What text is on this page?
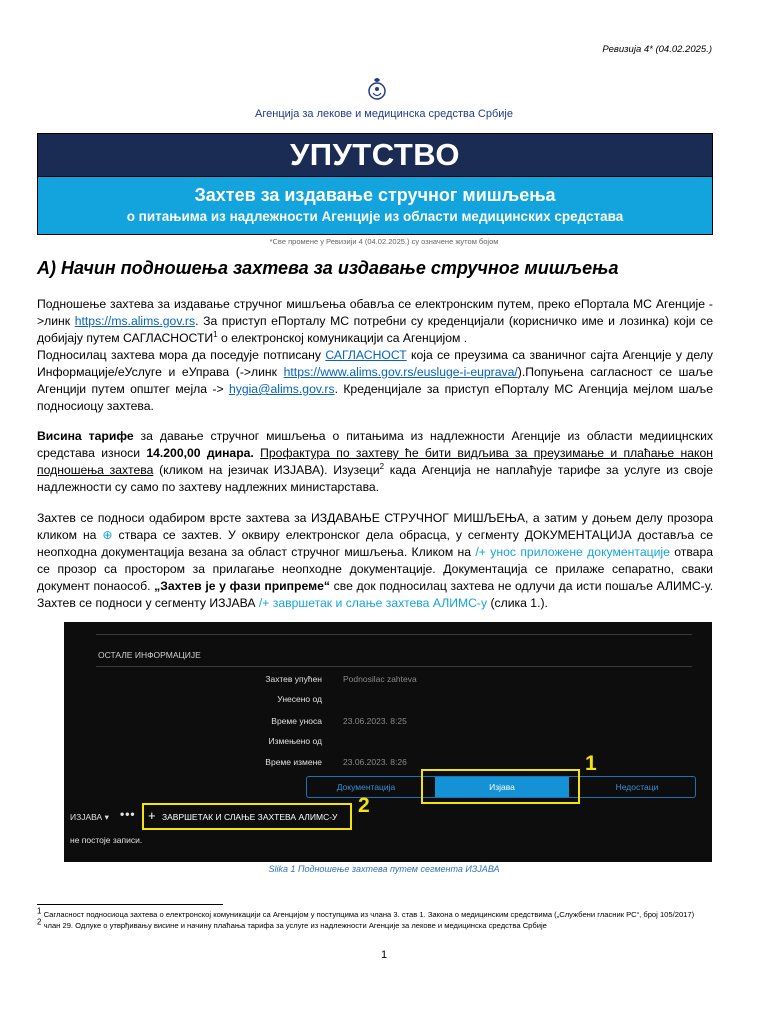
Ревизија 4* (04.02.2025.)
Агенција за лекове и медицинска средства Србије
УПУТСТВО
Захтев за издавање стручног мишљења
о питањима из надлежности Агенције из области медицинских средстава
*Све промене у Ревизији 4 (04.02.2025.) су означене жутом бојом
А) Начин подношења захтева за издавање стручног мишљења
Подношење захтева за издавање стручног мишљења обавља се електронским путем, преко еПортала МС Агенције ->линк https://ms.alims.gov.rs. За приступ еПорталу МС потребни су креденцијали (корисничко име и лозинка) који се добијају путем САГЛАСНОСТИ$^1$ о електронској комуникацији са Агенцијом .
Подносилац захтева мора да поседује потписану САГЛАСНОСТ која се преузима са званичног сајта Агенције у делу Информације/еУслуге и еУправа (->линк https://www.alims.gov.rs/eusluge-i-euprava/).Попуњена сагласност се шаље Агенцији путем општег мејла -> hygia@alims.gov.rs. Креденцијале за приступ еПорталу МС Агенција мејлом шаље подносиоцу захтева.
Висина тарифе за давање стручног мишљења о питањима из надлежности Агенције из области медиицнских средстава износи 14.200,00 динара. Профактура по захтеву ће бити видљива за преузимање и плаћање након подношења захтева (кликом на језичак ИЗЈАВА). Изузеци$^2$ када Агенција не наплаћује тарифе за услуге из своје надлежности су само по захтеву надлежних министарстава.
Захтев се подноси одабиром врсте захтева за ИЗДАВАЊЕ СТРУЧНОГ МИШЉЕЊА, а затим у доњем делу прозора кликом на ⊕ ствара се захтев. У оквиру електронског дела обрасца, у сегменту ДОКУМЕНТАЦИЈА доставља се неопходна документација везана за област стручног мишљења. Кликом на /+ унос приложене документације отвара се прозор са простором за прилагање неопходне документације. Документација се прилаже сепаратно, сваки документ понаособ. „Захтев је у фази припреме“ све док подносилац захтева не одлучи да исти пошаље АЛИМС-у. Захтев се подноси у сегменту ИЗЈАВА /+ завршетак и слање захтева АЛИМС-у (слика 1.).
ОСТАЛЕ ИНФОРМАЦИЈЕ
Захтев упућен Podnosilac zahteva
Унесено од
Време уноса 23.06.2023. 8:25
Измењено од
Време измене 23.06.2023. 8:26
Документација	Изјава	Недостаци
1
ИЗЈАВА ▾ ••• + ЗАВРШЕТАК И СЛАЊЕ ЗАХТЕВА АЛИМС-У 2
не постоје записи.
Slika 1 Подношење захтева путем сегмента ИЗЈАВА
$^1$ Сагласност подносиоца захтева о електронској комуникацији са Агенцијом у поступцима из члана 3. став 1. Закона о медицинским средствима („Службени гласник РС“, број 105/2017)
$^2$ члан 29. Одлуке о утврђивању висине и начину плаћања тарифа за услуге из надлежности Агенције за лекове и медицинска средства Србије
1
